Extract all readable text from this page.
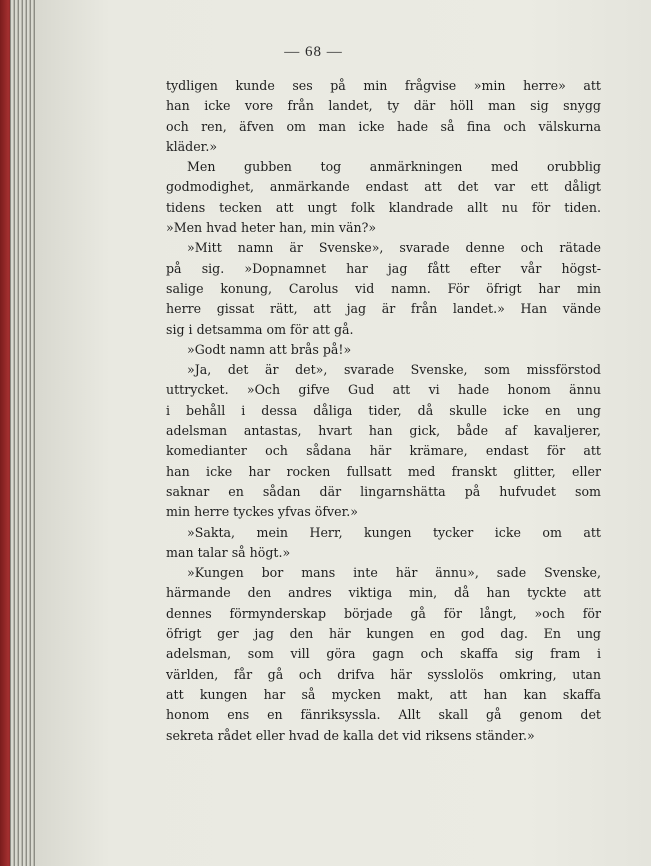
— 68 —

tydligen kunde ses på min frågvise »min herre» att
han icke vore från landet, ty där höll man sig snygg
och ren, äfven om man icke hade så fina och välskurna
kläder.»

Men gubben tog anmärkningen med orubblig
godmodighet, anmärkande endast att det var ett dåligt
tidens tecken att ungt folk klandrade allt nu för tiden.
»Men hvad heter han, min vän?»

»Mitt namn är Svenske», svarade denne och rätade
på sig. »Dopnamnet har jag fått efter vår högst-
salige konung, Carolus vid namn. För öfrigt har min
herre gissat rätt, att jag är från landet.» Han vände
sig i detsamma om för att gå.

»Godt namn att brås på!»

»Ja, det är det», svarade Svenske, som missförstod
uttrycket. »Och gifve Gud att vi hade honom ännu
i behåll i dessa dåliga tider, då skulle icke en ung
adelsman antastas, hvart han gick, både af kavaljerer,
komedianter och sådana här krämare, endast för att
han icke har rocken fullsatt med franskt glitter, eller
saknar en sådan där lingarnshätta på hufvudet som
min herre tyckes yfvas öfver.»

»Sakta, mein Herr, kungen tycker icke om att
man talar så högt.»

»Kungen bor mans inte här ännu», sade Svenske,
härmande den andres viktiga min, då han tyckte att
dennes förmynderskap började gå för långt, »och för
öfrigt ger jag den här kungen en god dag. En ung
adelsman, som vill göra gagn och skaffa sig fram i
världen, får gå och drifva här sysslolös omkring, utan
att kungen har så mycken makt, att han kan skaffa
honom ens en fänriksyssla. Allt skall gå genom det
sekreta rådet eller hvad de kalla det vid riksens ständer.»
